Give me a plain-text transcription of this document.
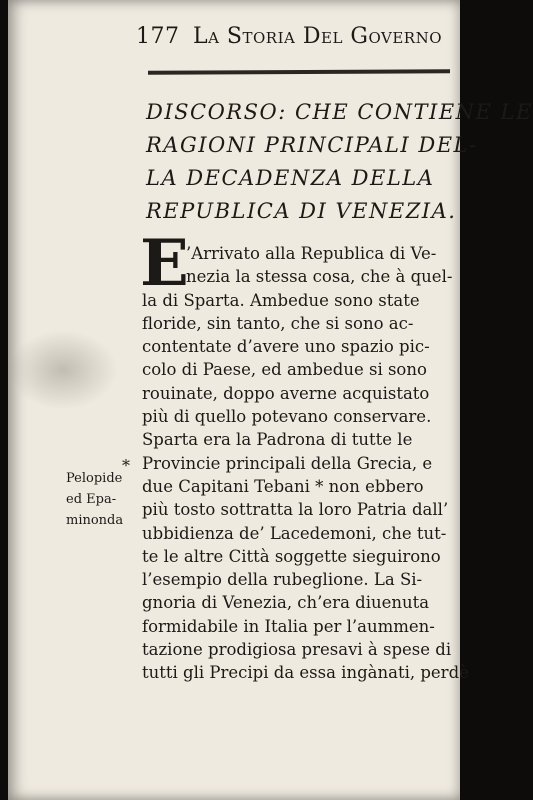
177 La Storia Del Governo
DISCORSO: CHE CONTIENE LE
RAGIONI PRINCIPALI DEL-
LA DECADENZA DELLA
REPUBLICA DI VENEZIA.
E
’Arrivato alla Republica di Ve-
nezia la stessa cosa, che à quel-
la di Sparta. Ambedue sono state
floride, sin tanto, che si sono ac-
contentate d’avere uno spazio pic-
colo di Paese, ed ambedue si sono
rouinate, doppo averne acquistato
più di quello potevano conservare.
Sparta era la Padrona di tutte le
Provincie principali della Grecia, e
due Capitani Tebani * non ebbero
più tosto sottratta la loro Patria dall’
ubbidienza de’ Lacedemoni, che tut-
te le altre Città soggette sieguirono
l’esempio della rubeglione. La Si-
gnoria di Venezia, ch’era diuenuta
formidabile in Italia per l’aummen-
tazione prodigiosa presavi à spese di
tutti gli Precipi da essa ingànati, perdè
*
Pelopide
ed Epa-
minonda
